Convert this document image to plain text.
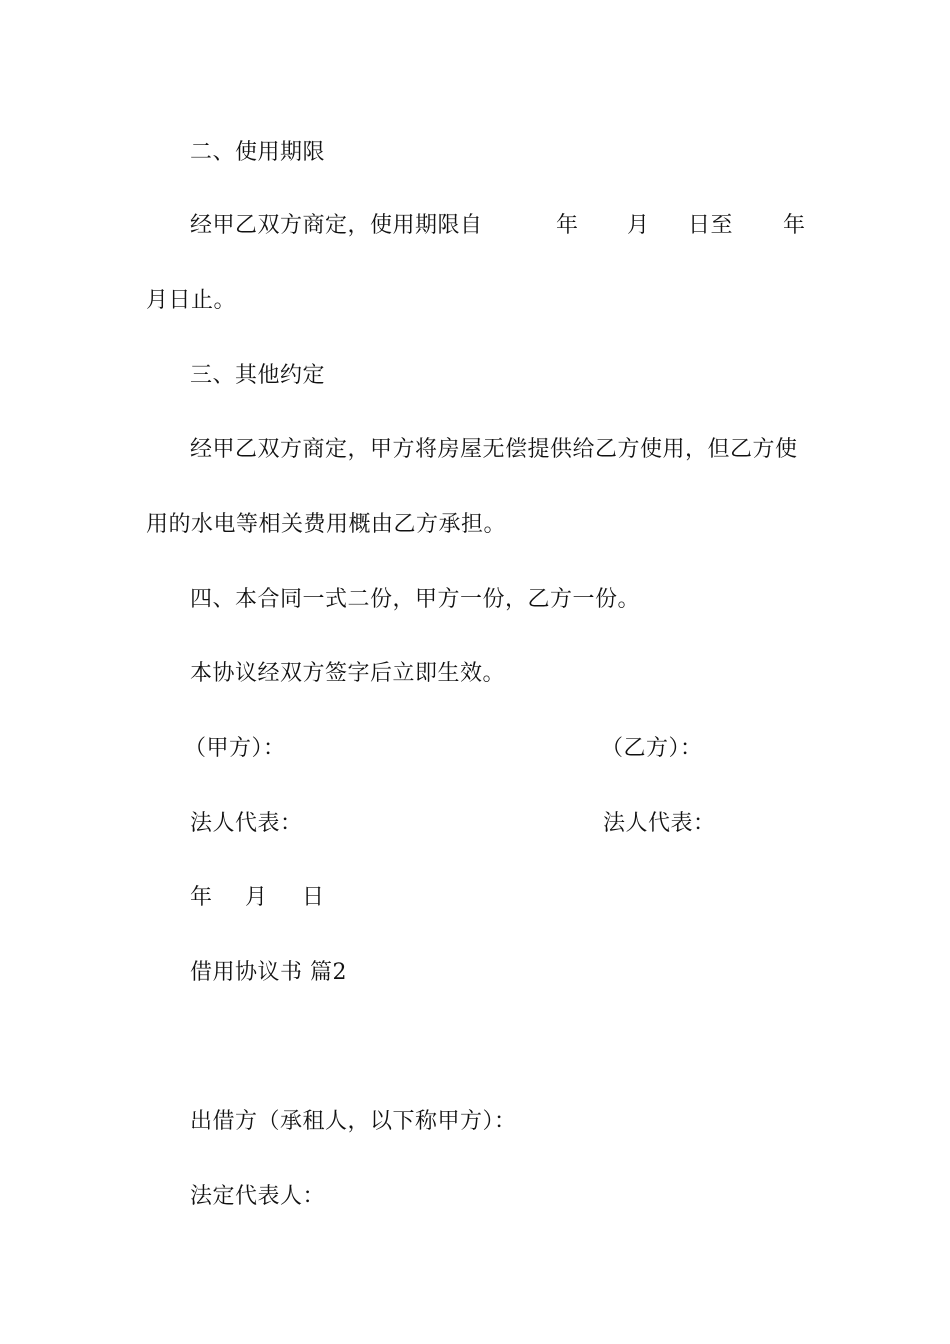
二、使用期限
经甲乙双方商定，使用期限自	年 月 日至 年
月日止。
三、其他约定
经甲乙双方商定，甲方将房屋无偿提供给乙方使用，但乙方使
用的水电等相关费用概由乙方承担。
四、本合同一式二份，甲方一份，乙方一份。
本协议经双方签字后立即生效。
（甲方）：	（乙方）：
法人代表：	法人代表：
年 月 日
借用协议书 篇2
出借方（承租人，以下称甲方）：
法定代表人：
